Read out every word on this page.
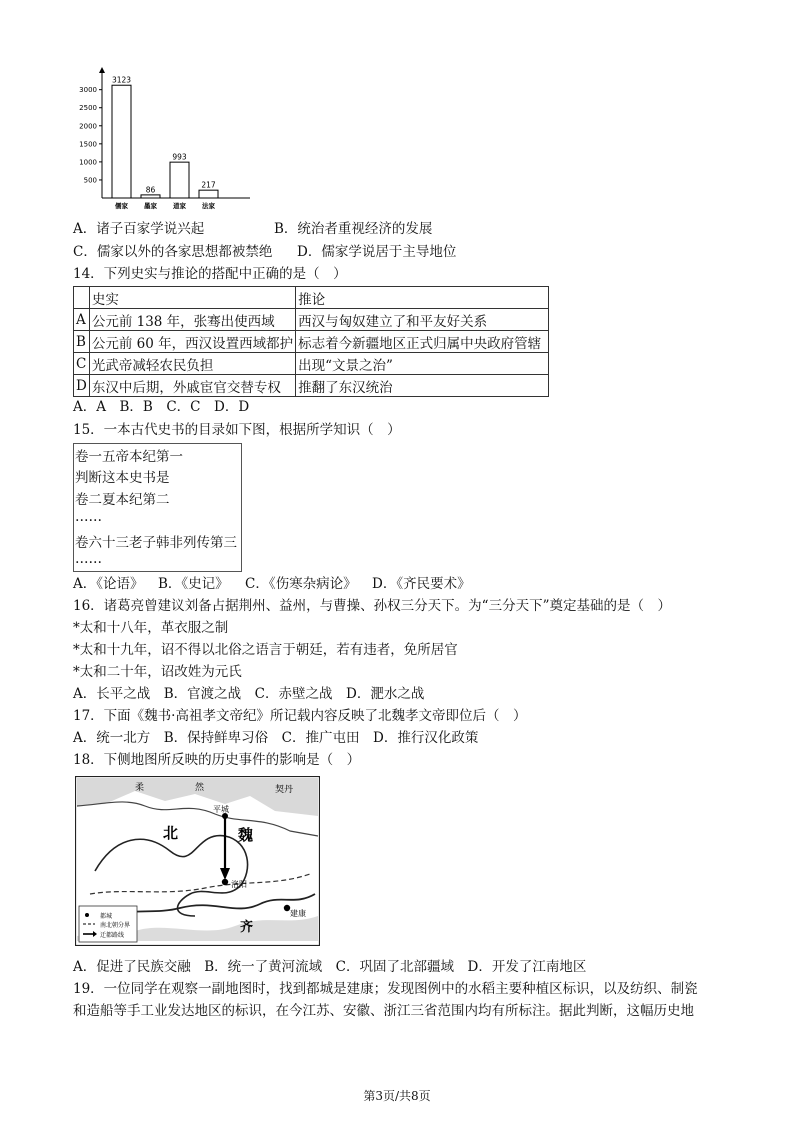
500
1000
1500
2000
2500
3000
3123
儒家
86
墨家
993
道家
217
法家
A．诸子百家学说兴起	B．统治者重视经济的发展
C．儒家以外的各家思想都被禁绝 D．儒家学说居于主导地位
14．下列史实与推论的搭配中正确的是（　）
	史实	推论
A	公元前 138 年，张骞出使西域	西汉与匈奴建立了和平友好关系
B	公元前 60 年，西汉设置西域都护	标志着今新疆地区正式归属中央政府管辖
C	光武帝减轻农民负担	出现“文景之治”
D	东汉中后期，外戚宦官交替专权	推翻了东汉统治
A．A　B．B　C．C　D．D
15．一本古代史书的目录如下图，根据所学知识（　）
卷一五帝本纪第一
判断这本史书是
卷二夏本纪第二
……
卷六十三老子韩非列传第三
……
A．《论语》 B．《史记》 C．《伤寒杂病论》 D．《齐民要术》
16．诸葛亮曾建议刘备占据荆州、益州，与曹操、孙权三分天下。为“三分天下”奠定基础的是（　）
*太和十八年，革衣服之制
*太和十九年，诏不得以北俗之语言于朝廷，若有违者，免所居官
*太和二十年，诏改姓为元氏
A．长平之战　B．官渡之战　C．赤壁之战　D．淝水之战
17．下面《魏书·高祖孝文帝纪》所记载内容反映了北魏孝文帝即位后（　）
A．统一北方　B．保持鲜卑习俗　C．推广屯田　D．推行汉化政策
18．下侧地图所反映的历史事件的影响是（　）
平城
洛阳
建康
北	魏
齐
柔	然	契丹
都城
南北朝分界
迁都路线
A．促进了民族交融　B．统一了黄河流域　C．巩固了北部疆域　D．开发了江南地区
19．一位同学在观察一副地图时，找到都城是建康；发现图例中的水稻主要种植区标识，以及纺织、制瓷
和造船等手工业发达地区的标识，在今江苏、安徽、浙江三省范围内均有所标注。据此判断，这幅历史地
第3页/共8页
